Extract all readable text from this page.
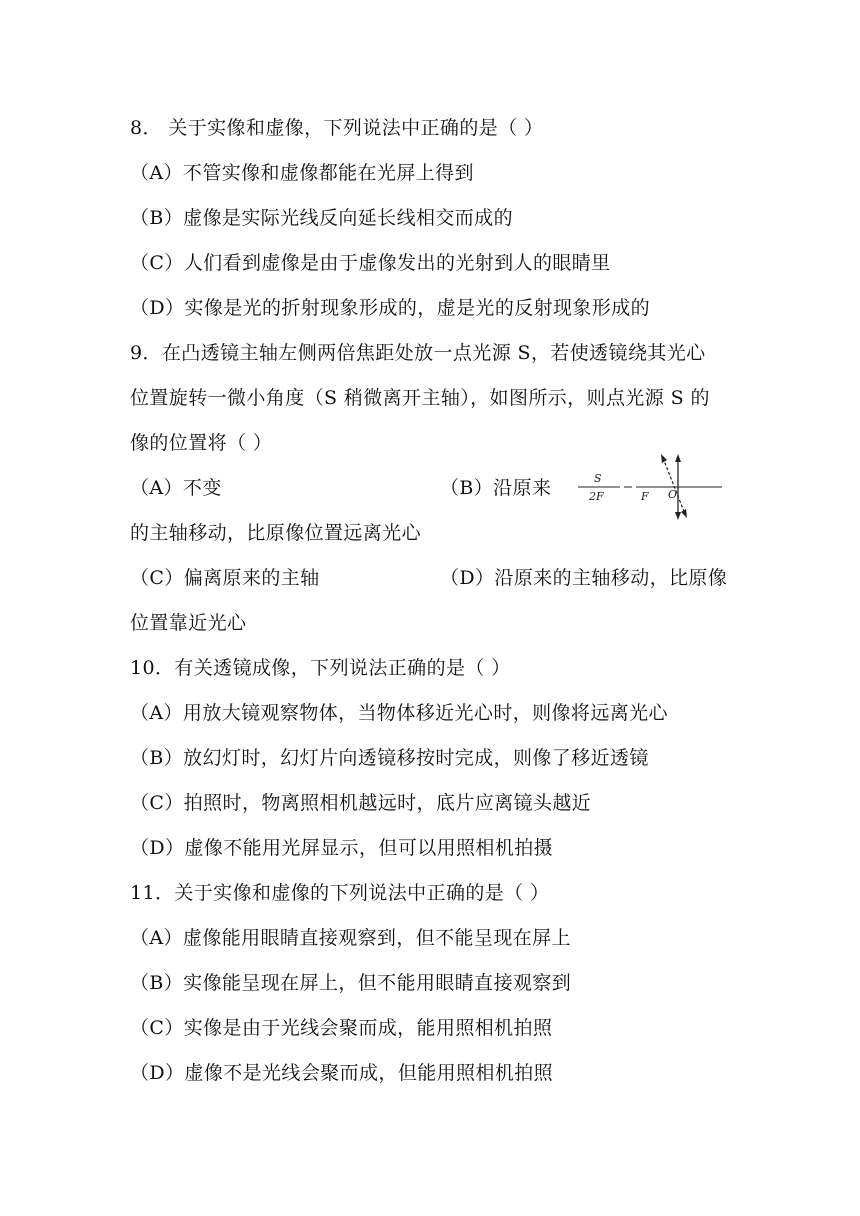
8． 关于实像和虚像，下列说法中正确的是（ ）
（A）不管实像和虚像都能在光屏上得到
（B）虚像是实际光线反向延长线相交而成的
（C）人们看到虚像是由于虚像发出的光射到人的眼睛里
（D）实像是光的折射现象形成的，虚是光的反射现象形成的
9．在凸透镜主轴左侧两倍焦距处放一点光源 S，若使透镜绕其光心
位置旋转一微小角度（S 稍微离开主轴），如图所示，则点光源 S 的
像的位置将（ ）
（A）不变	（B）沿原来	S
2F	F O
的主轴移动，比原像位置远离光心
（C）偏离原来的主轴	（D）沿原来的主轴移动，比原像
位置靠近光心
10．有关透镜成像，下列说法正确的是（ ）
（A）用放大镜观察物体，当物体移近光心时，则像将远离光心
（B）放幻灯时，幻灯片向透镜移按时完成，则像了移近透镜
（C）拍照时，物离照相机越远时，底片应离镜头越近
（D）虚像不能用光屏显示，但可以用照相机拍摄
11．关于实像和虚像的下列说法中正确的是（ ）
（A）虚像能用眼睛直接观察到，但不能呈现在屏上
（B）实像能呈现在屏上，但不能用眼睛直接观察到
（C）实像是由于光线会聚而成，能用照相机拍照
（D）虚像不是光线会聚而成，但能用照相机拍照
